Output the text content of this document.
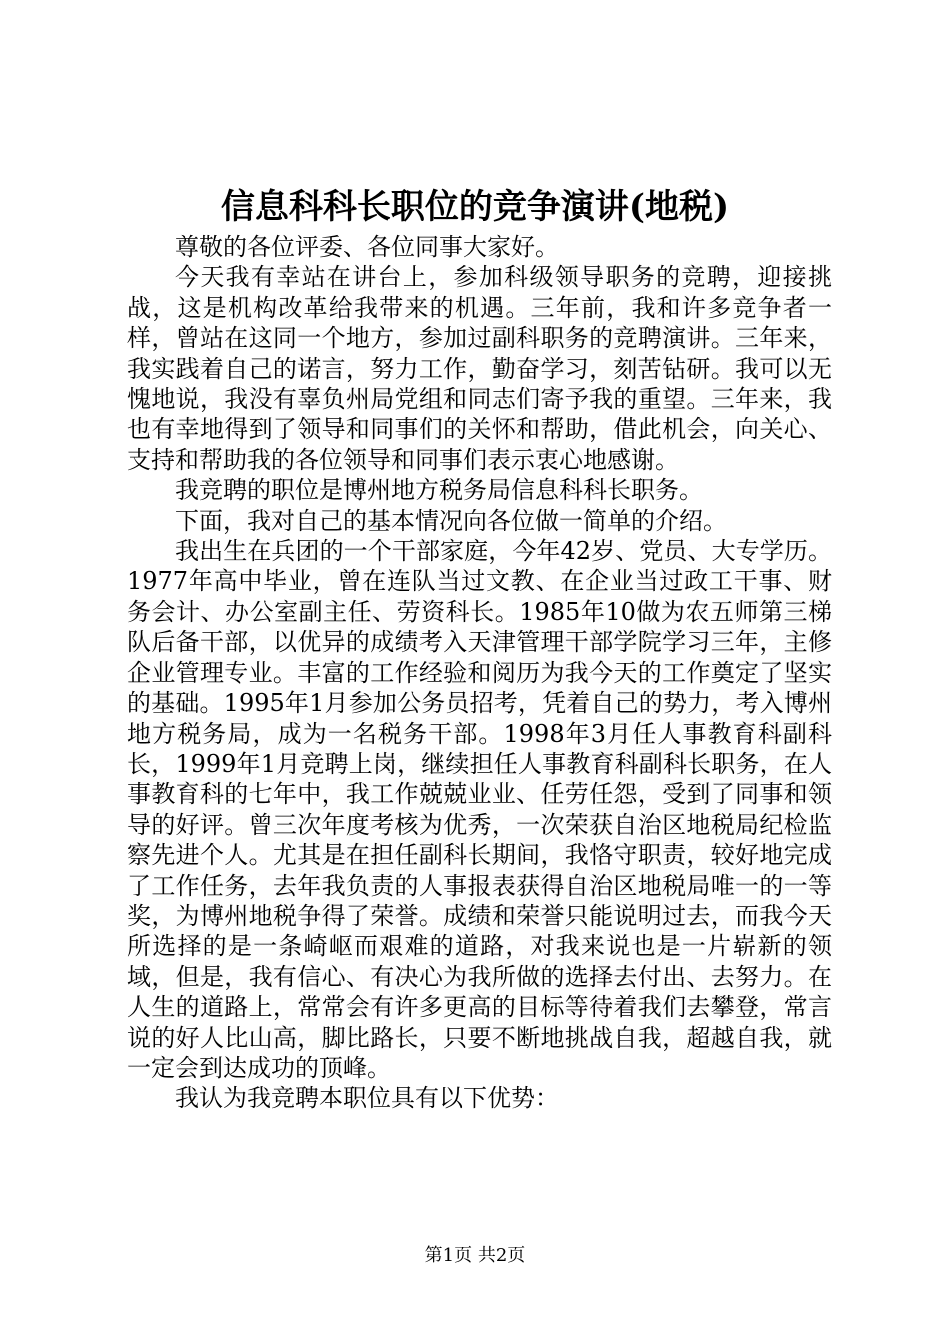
信息科科长职位的竞争演讲(地税)

尊敬的各位评委、各位同事大家好。

今天我有幸站在讲台上，参加科级领导职务的竞聘，迎接挑战，这是机构改革给我带来的机遇。三年前，我和许多竞争者一样，曾站在这同一个地方，参加过副科职务的竞聘演讲。三年来，我实践着自己的诺言，努力工作，勤奋学习，刻苦钻研。我可以无愧地说，我没有辜负州局党组和同志们寄予我的重望。三年来，我也有幸地得到了领导和同事们的关怀和帮助，借此机会，向关心、支持和帮助我的各位领导和同事们表示衷心地感谢。

我竞聘的职位是博州地方税务局信息科科长职务。

下面，我对自己的基本情况向各位做一简单的介绍。

我出生在兵团的一个干部家庭，今年42岁、党员、大专学历。1977年高中毕业，曾在连队当过文教、在企业当过政工干事、财务会计、办公室副主任、劳资科长。1985年10做为农五师第三梯队后备干部，以优异的成绩考入天津管理干部学院学习三年，主修企业管理专业。丰富的工作经验和阅历为我今天的工作奠定了坚实的基础。1995年1月参加公务员招考，凭着自己的势力，考入博州地方税务局，成为一名税务干部。1998年3月任人事教育科副科长，1999年1月竞聘上岗，继续担任人事教育科副科长职务，在人事教育科的七年中，我工作兢兢业业、任劳任怨，受到了同事和领导的好评。曾三次年度考核为优秀，一次荣获自治区地税局纪检监察先进个人。尤其是在担任副科长期间，我恪守职责，较好地完成了工作任务，去年我负责的人事报表获得自治区地税局唯一的一等奖，为博州地税争得了荣誉。成绩和荣誉只能说明过去，而我今天所选择的是一条崎岖而艰难的道路，对我来说也是一片崭新的领域，但是，我有信心、有决心为我所做的选择去付出、去努力。在人生的道路上，常常会有许多更高的目标等待着我们去攀登，常言说的好人比山高，脚比路长，只要不断地挑战自我，超越自我，就一定会到达成功的顶峰。

我认为我竞聘本职位具有以下优势：

第1页 共2页
